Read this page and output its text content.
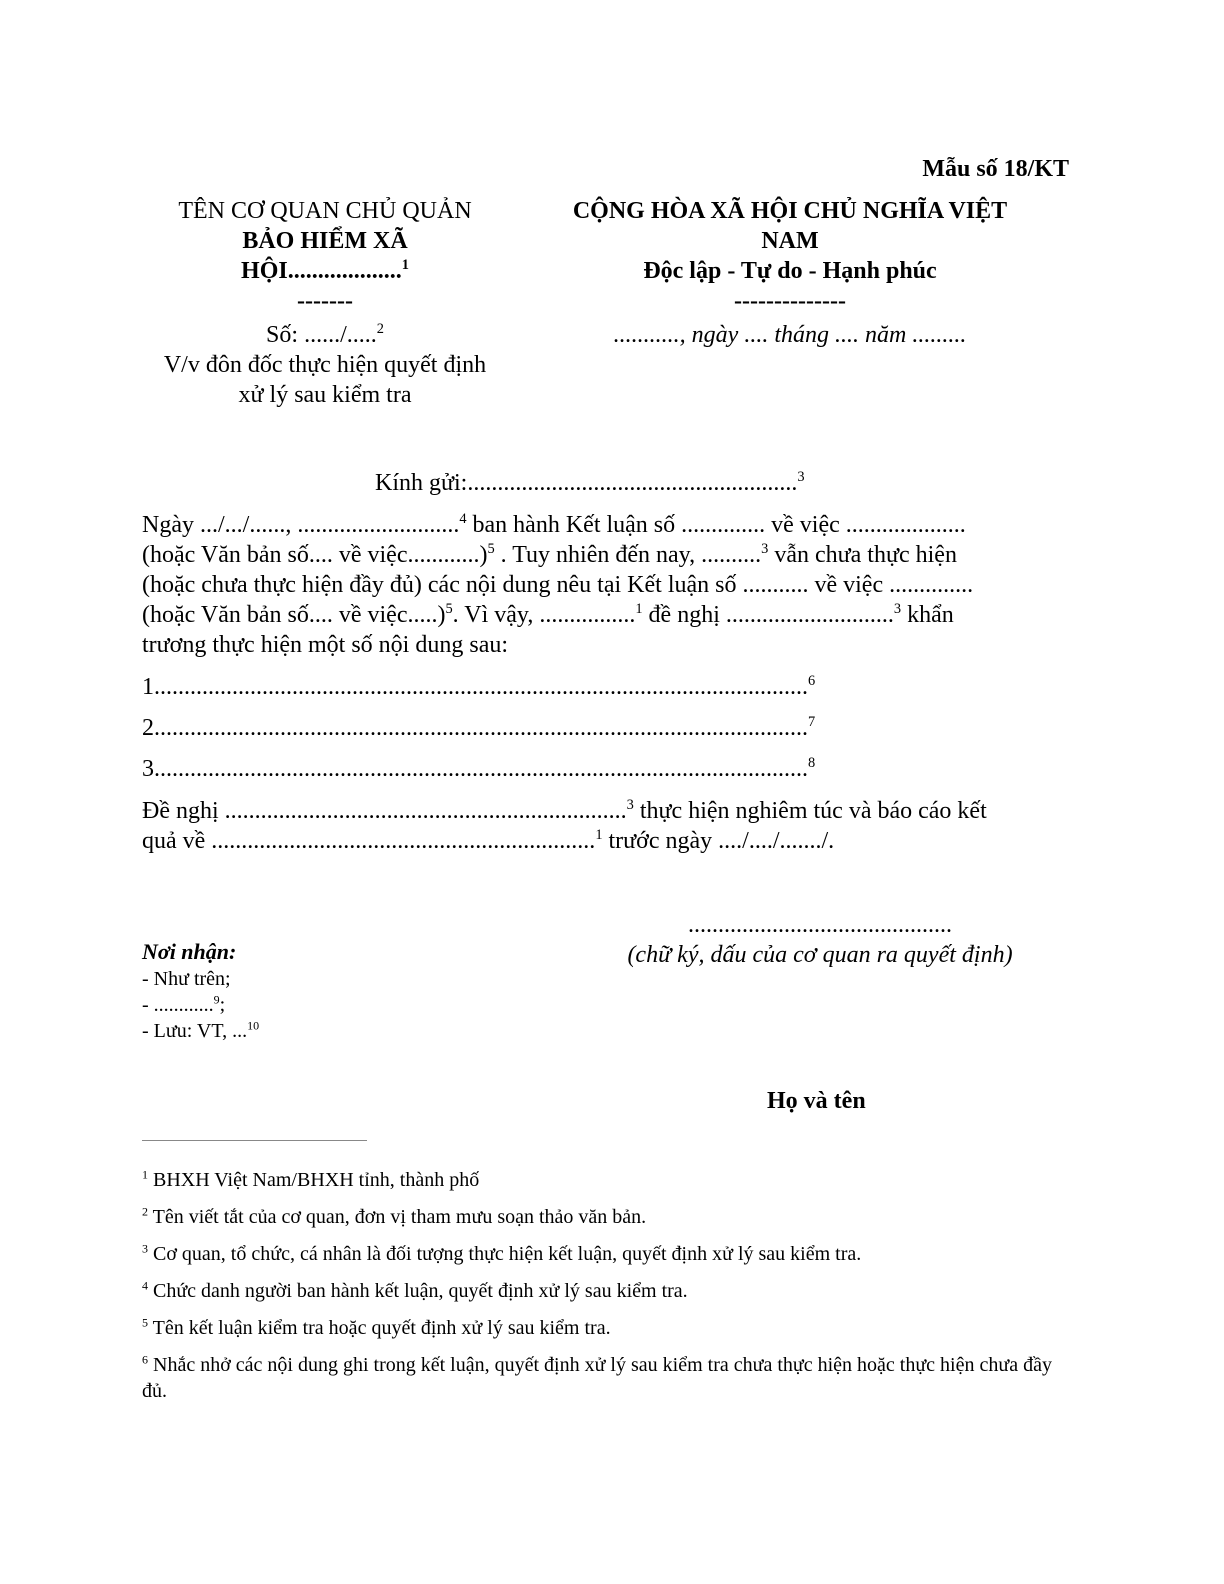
Mẫu số 18/KT
TÊN CƠ QUAN CHỦ QUẢN
BẢO HIỂM XÃ
HỘI...................$^1$
-------
Số: ....../.....$^2$
V/v đôn đốc thực hiện quyết định
xử lý sau kiểm tra
CỘNG HÒA XÃ HỘI CHỦ NGHĨA VIỆT
NAM
Độc lập - Tự do - Hạnh phúc
--------------
..........., ngày .... tháng .... năm .........
Kính gửi:.......................................................$^3$
Ngày .../.../......, ...........................$^4$ ban hành Kết luận số .............. về việc ....................
(hoặc Văn bản số.... về việc............)$^5$ . Tuy nhiên đến nay, ..........$^3$ vẫn chưa thực hiện
(hoặc chưa thực hiện đầy đủ) các nội dung nêu tại Kết luận số ........... về việc ..............
(hoặc Văn bản số.... về việc.....)$^5$. Vì vậy, ................$^1$ đề nghị ............................$^3$ khẩn
trương thực hiện một số nội dung sau:
1.............................................................................................................$^6$
2.............................................................................................................$^7$
3.............................................................................................................$^8$
Đề nghị ...................................................................$^3$ thực hiện nghiêm túc và báo cáo kết
quả về ................................................................$^1$ trước ngày ..../..../......./.
............................................
(chữ ký, dấu của cơ quan ra quyết định)
Họ và tên
Nơi nhận:
- Như trên;
- ............$^9$;
- Lưu: VT, ...$^{10}$
$^1$ BHXH Việt Nam/BHXH tỉnh, thành phố
$^2$ Tên viết tắt của cơ quan, đơn vị tham mưu soạn thảo văn bản.
$^3$ Cơ quan, tổ chức, cá nhân là đối tượng thực hiện kết luận, quyết định xử lý sau kiểm tra.
$^4$ Chức danh người ban hành kết luận, quyết định xử lý sau kiểm tra.
$^5$ Tên kết luận kiểm tra hoặc quyết định xử lý sau kiểm tra.
$^6$ Nhắc nhở các nội dung ghi trong kết luận, quyết định xử lý sau kiểm tra chưa thực hiện hoặc thực hiện chưa đầy đủ.
